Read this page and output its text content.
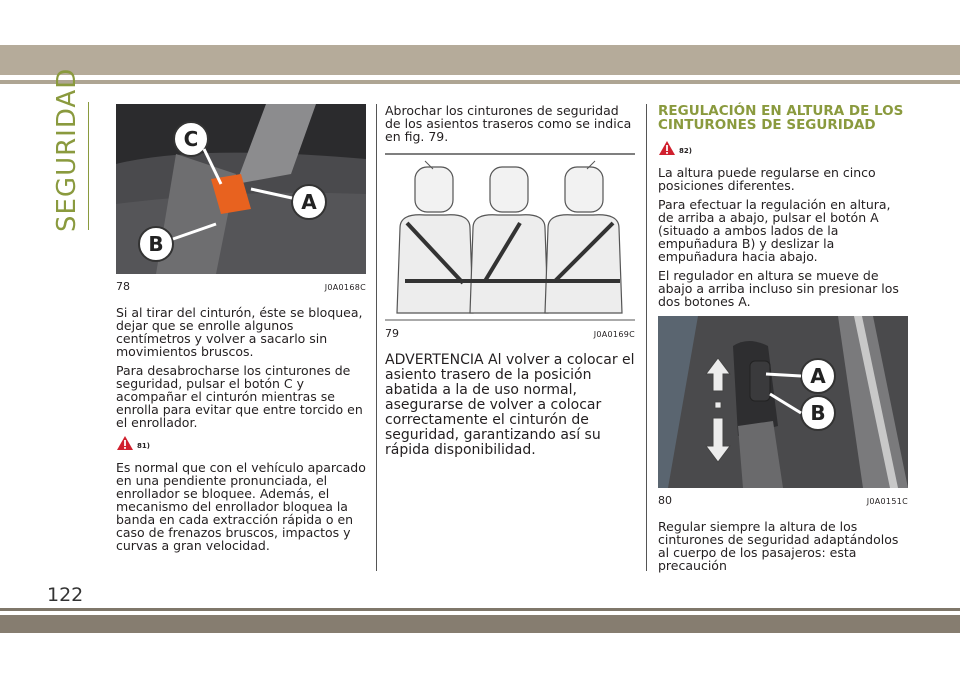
SEGURIDAD	C
A
B
78	J0A0168C

Si al tirar del cinturón, éste se bloquea, dejar que se enrolle algunos centímetros y volver a sacarlo sin movimientos bruscos.

Para desabrocharse los cinturones de seguridad, pulsar el botón C y acompañar el cinturón mientras se enrolla para evitar que entre torcido en el enrollador.

81)

Es normal que con el vehículo aparcado en una pendiente pronunciada, el enrollador se bloquee. Además, el mecanismo del enrollador bloquea la banda en cada extracción rápida o en caso de frenazos bruscos, impactos y curvas a gran velocidad.

Abrochar los cinturones de seguridad de los asientos traseros como se indica en fig. 79.

79	J0A0169C

ADVERTENCIA Al volver a colocar el asiento trasero de la posición abatida a la de uso normal, asegurarse de volver a colocar correctamente el cinturón de seguridad, garantizando así su rápida disponibilidad.

REGULACIÓN EN ALTURA DE LOS CINTURONES DE SEGURIDAD
82)

La altura puede regularse en cinco posiciones diferentes.

Para efectuar la regulación en altura, de arriba a abajo, pulsar el botón A (situado a ambos lados de la empuñadura B) y deslizar la empuñadura hacia abajo.

El regulador en altura se mueve de abajo a arriba incluso sin presionar los dos botones A.

A
B
80	J0A0151C

Regular siempre la altura de los cinturones de seguridad adaptándolos al cuerpo de los pasajeros: esta precaución

122
